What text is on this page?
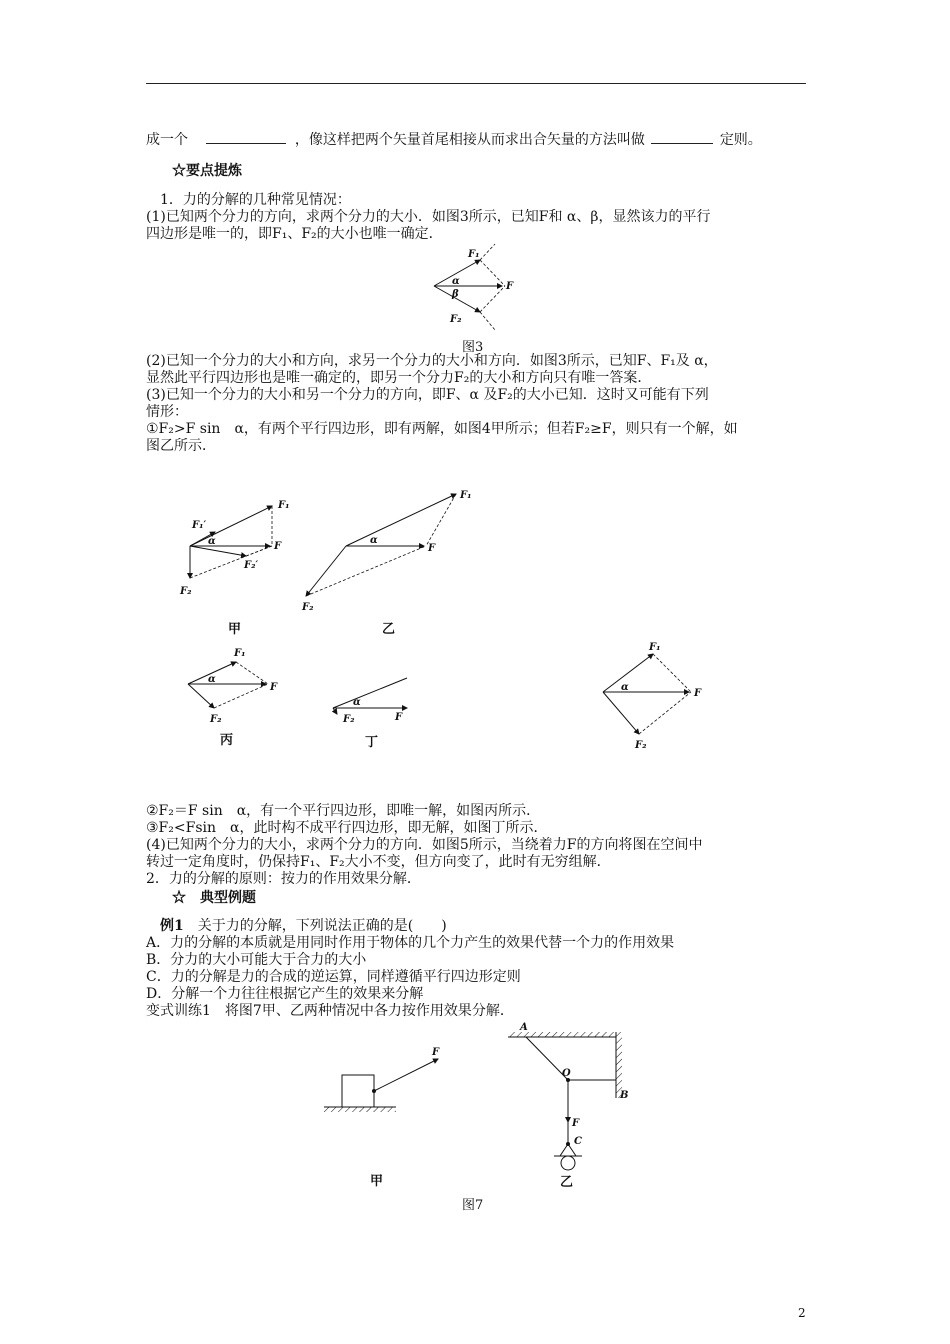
成一个	，像这样把两个矢量首尾相接从而求出合矢量的方法叫做	定则。
☆要点提炼
1．力的分解的几种常见情况：
(1)已知两个分力的方向，求两个分力的大小．如图3所示，已知F和 α、β，显然该力的平行
四边形是唯一的，即F₁、F₂的大小也唯一确定．
F₁
F
F₂
α
β
图3
(2)已知一个分力的大小和方向，求另一个分力的大小和方向．如图3所示，已知F、F₁及 α，
显然此平行四边形也是唯一确定的，即另一个分力F₂的大小和方向只有唯一答案．
(3)已知一个分力的大小和另一个分力的方向，即F、α 及F₂的大小已知．这时又可能有下列
情形：
①F₂>F sin　α，有两个平行四边形，即有两解，如图4甲所示；但若F₂≥F，则只有一个解，如
图乙所示．
F₁
F₁′
α	F
F₂′
F₂
甲
F₁
α
F
F₂
乙
F₁
α
F
F₂
丙
α
F₂	F
丁
F₁
α
F
F₂
②F₂＝F sin　α，有一个平行四边形，即唯一解，如图丙所示．
③F₂<Fsin　α，此时构不成平行四边形，即无解，如图丁所示．
(4)已知两个分力的大小，求两个分力的方向．如图5所示，当绕着力F的方向将图在空间中
转过一定角度时，仍保持F₁、F₂大小不变，但方向变了，此时有无穷组解．
2．力的分解的原则：按力的作用效果分解．
☆　典型例题
例1　关于力的分解，下列说法正确的是(　　)
A．力的分解的本质就是用同时作用于物体的几个力产生的效果代替一个力的作用效果
B．分力的大小可能大于合力的大小
C．力的分解是力的合成的逆运算，同样遵循平行四边形定则
D．分解一个力往往根据它产生的效果来分解
变式训练1　将图7甲、乙两种情况中各力按作用效果分解．
F
甲
A
O
B
F
C
乙
图7
2
